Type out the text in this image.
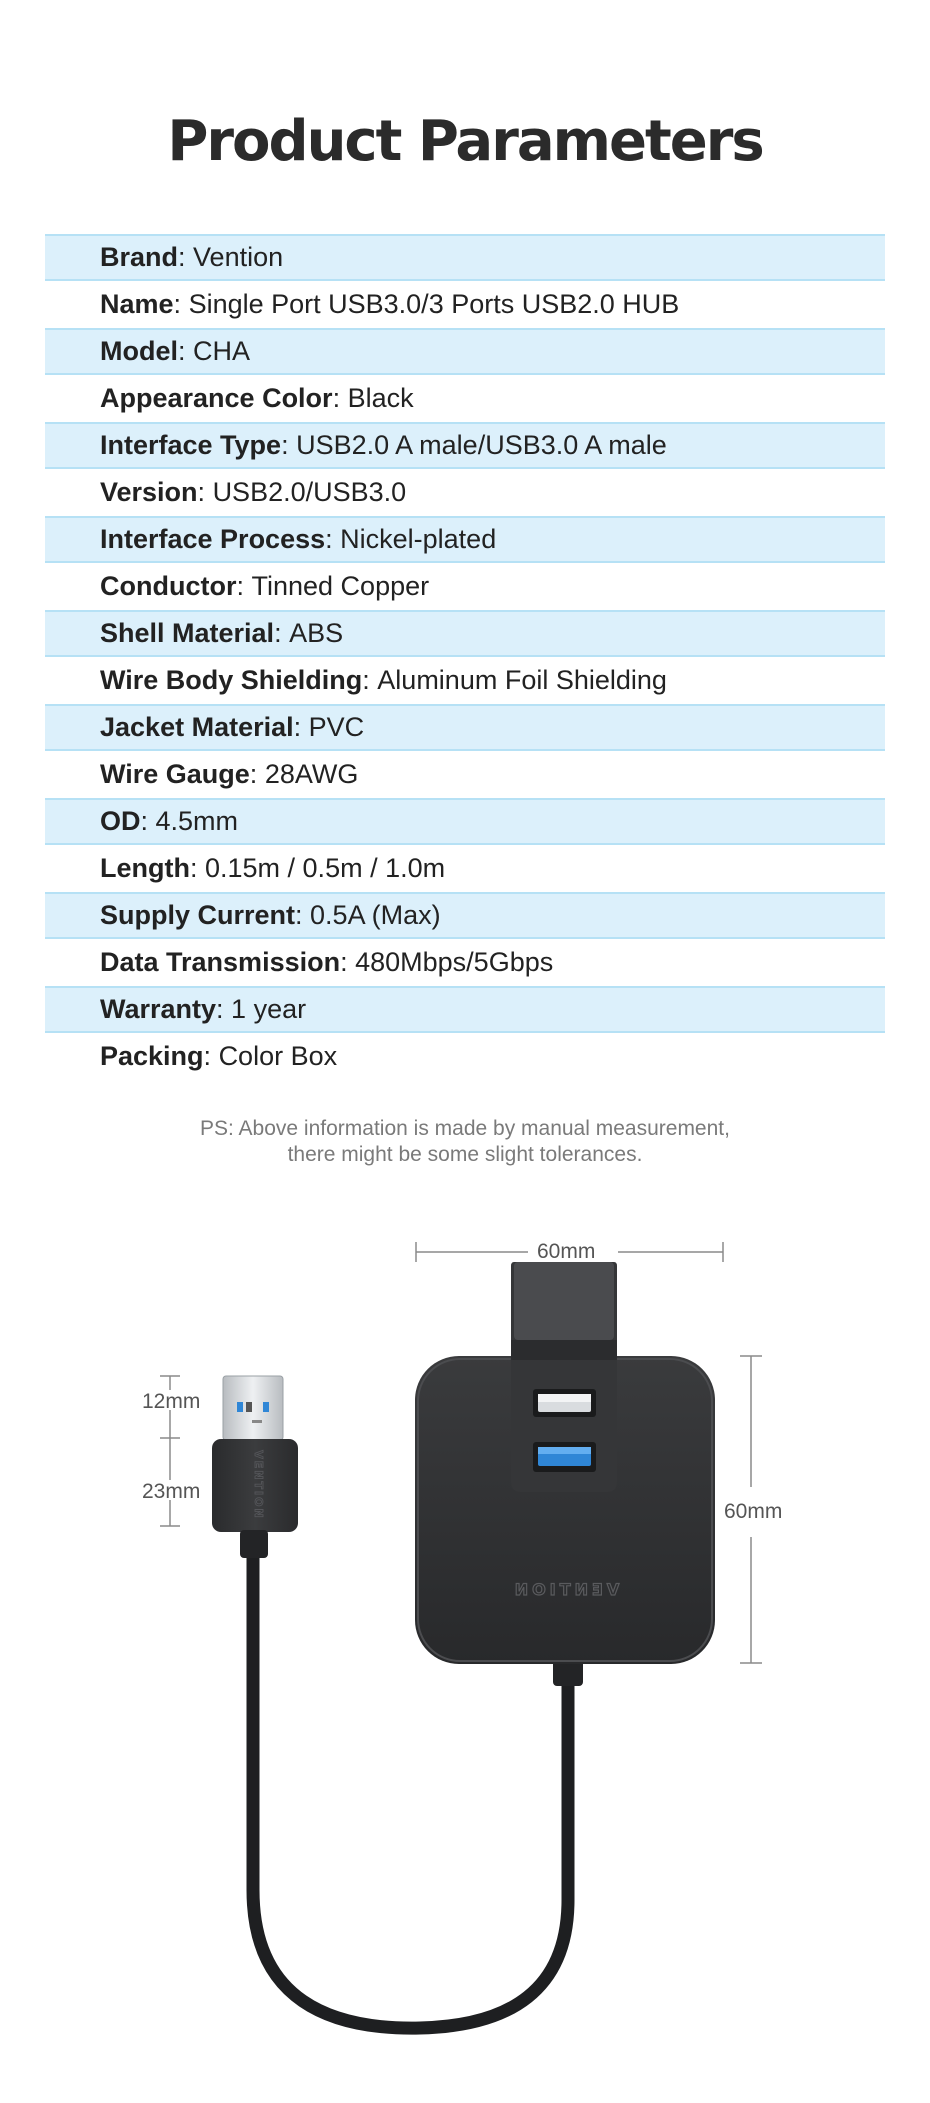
Product Parameters
Brand : Vention
Name : Single Port USB3.0/3 Ports USB2.0 HUB
Model : CHA
Appearance Color : Black
Interface Type : USB2.0 A male/USB3.0 A male
Version : USB2.0/USB3.0
Interface Process : Nickel-plated
Conductor : Tinned Copper
Shell Material : ABS
Wire Body Shielding : Aluminum Foil Shielding
Jacket Material : PVC
Wire Gauge : 28AWG
OD : 4.5mm
Length : 0.15m / 0.5m / 1.0m
Supply Current : 0.5A (Max)
Data Transmission : 480Mbps/5Gbps
Warranty : 1 year
Packing : Color Box
PS: Above information is made by manual measurement,
there might be some slight tolerances.
VENTION
VENTION
60mm
60mm
12mm
23mm
